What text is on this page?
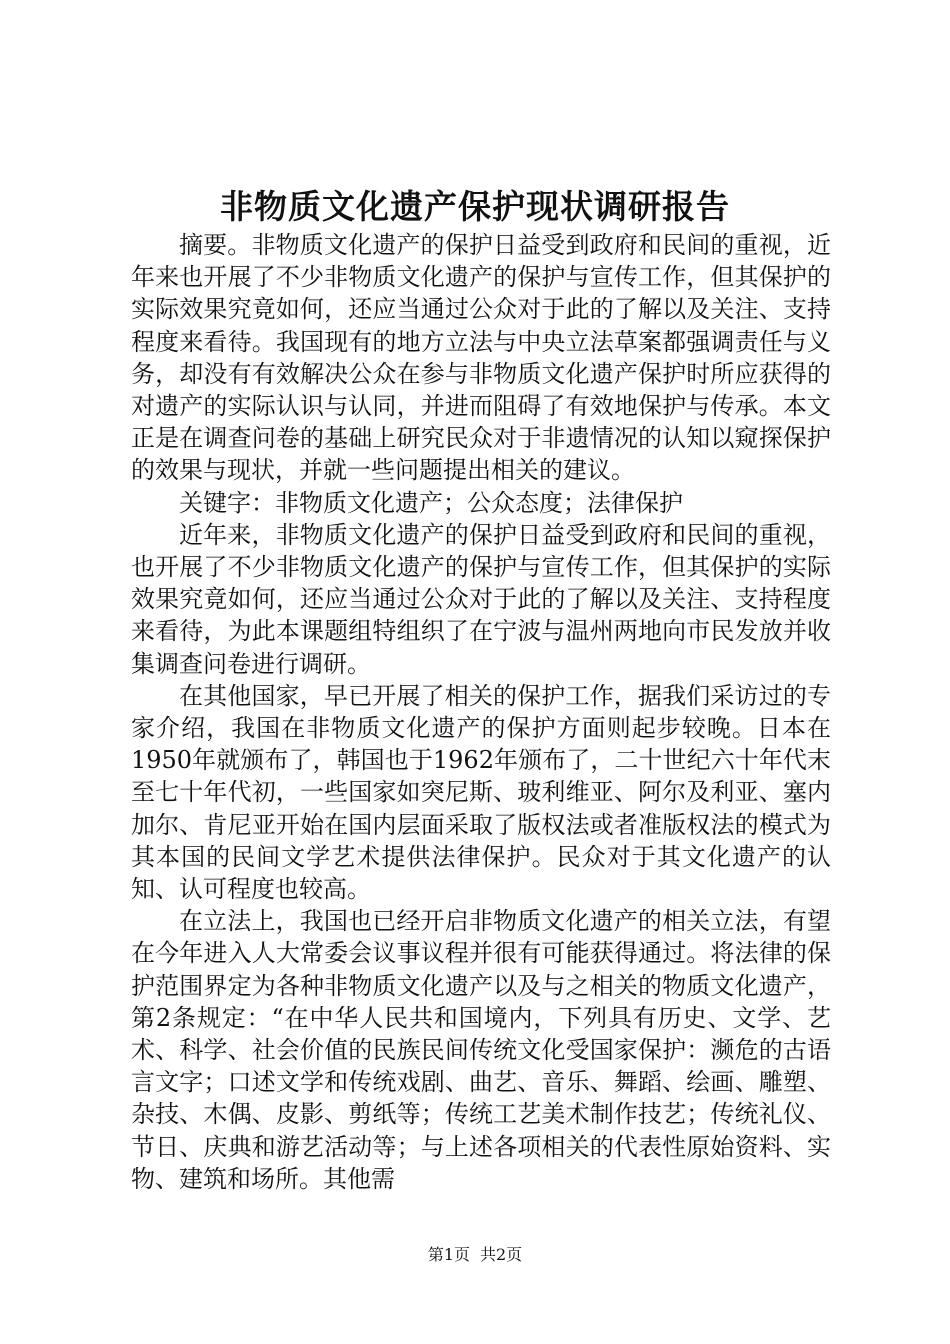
非物质文化遗产保护现状调研报告

摘要。非物质文化遗产的保护日益受到政府和民间的重视，近年来也开展了不少非物质文化遗产的保护与宣传工作，但其保护的实际效果究竟如何，还应当通过公众对于此的了解以及关注、支持程度来看待。我国现有的地方立法与中央立法草案都强调责任与义务，却没有有效解决公众在参与非物质文化遗产保护时所应获得的对遗产的实际认识与认同，并进而阻碍了有效地保护与传承。本文正是在调查问卷的基础上研究民众对于非遗情况的认知以窥探保护的效果与现状，并就一些问题提出相关的建议。

关键字：非物质文化遗产；公众态度；法律保护

近年来，非物质文化遗产的保护日益受到政府和民间的重视，也开展了不少非物质文化遗产的保护与宣传工作，但其保护的实际效果究竟如何，还应当通过公众对于此的了解以及关注、支持程度来看待，为此本课题组特组织了在宁波与温州两地向市民发放并收集调查问卷进行调研。

在其他国家，早已开展了相关的保护工作，据我们采访过的专家介绍，我国在非物质文化遗产的保护方面则起步较晚。日本在1950年就颁布了，韩国也于1962年颁布了，二十世纪六十年代末至七十年代初，一些国家如突尼斯、玻利维亚、阿尔及利亚、塞内加尔、肯尼亚开始在国内层面采取了版权法或者准版权法的模式为其本国的民间文学艺术提供法律保护。民众对于其文化遗产的认知、认可程度也较高。

在立法上，我国也已经开启非物质文化遗产的相关立法，有望在今年进入人大常委会议事议程并很有可能获得通过。将法律的保护范围界定为各种非物质文化遗产以及与之相关的物质文化遗产，第2条规定：“在中华人民共和国境内，下列具有历史、文学、艺术、科学、社会价值的民族民间传统文化受国家保护：濒危的古语言文字；口述文学和传统戏剧、曲艺、音乐、舞蹈、绘画、雕塑、杂技、木偶、皮影、剪纸等；传统工艺美术制作技艺；传统礼仪、节日、庆典和游艺活动等；与上述各项相关的代表性原始资料、实物、建筑和场所。其他需

第1页 共2页
